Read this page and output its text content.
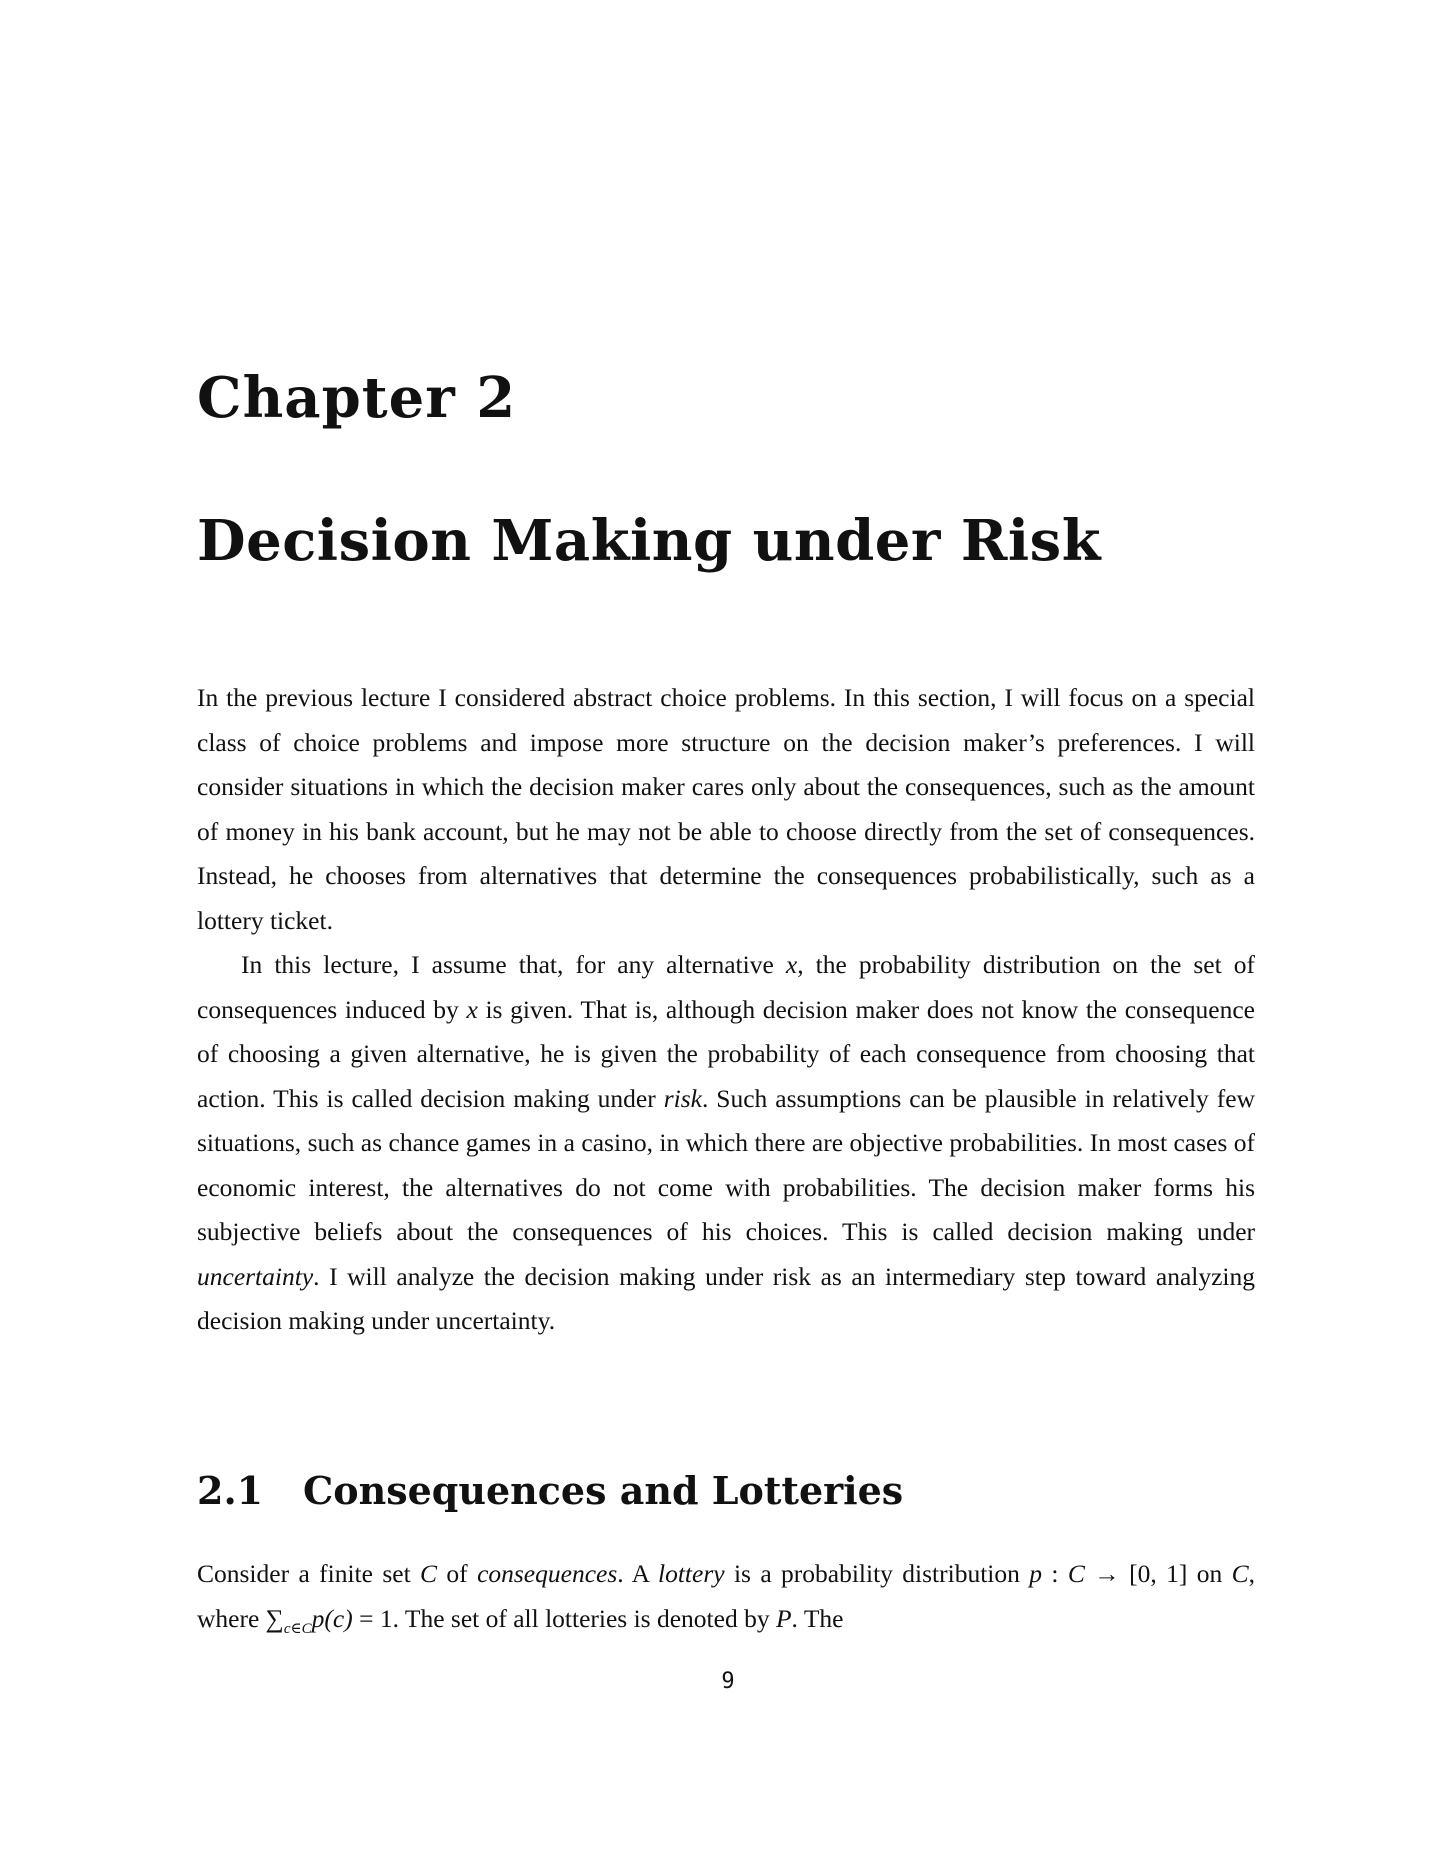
Chapter 2
Decision Making under Risk

In the previous lecture I considered abstract choice problems. In this section, I will focus on a special class of choice problems and impose more structure on the decision maker’s preferences. I will consider situations in which the decision maker cares only about the consequences, such as the amount of money in his bank account, but he may not be able to choose directly from the set of consequences. Instead, he chooses from alternatives that determine the consequences probabilistically, such as a lottery ticket.

In this lecture, I assume that, for any alternative x, the probability distribution on the set of consequences induced by x is given. That is, although decision maker does not know the consequence of choosing a given alternative, he is given the probability of each consequence from choosing that action. This is called decision making under risk. Such assumptions can be plausible in relatively few situations, such as chance games in a casino, in which there are objective probabilities. In most cases of economic interest, the alternatives do not come with probabilities. The decision maker forms his subjective beliefs about the consequences of his choices. This is called decision making under uncertainty. I will analyze the decision making under risk as an intermediary step toward analyzing decision making under uncertainty.

2.1 Consequences and Lotteries

Consider a finite set C of consequences. A lottery is a probability distribution p : C → [0, 1] on C, where $\sum_{c\in C}p(c) = 1$. The set of all lotteries is denoted by P. The

9
